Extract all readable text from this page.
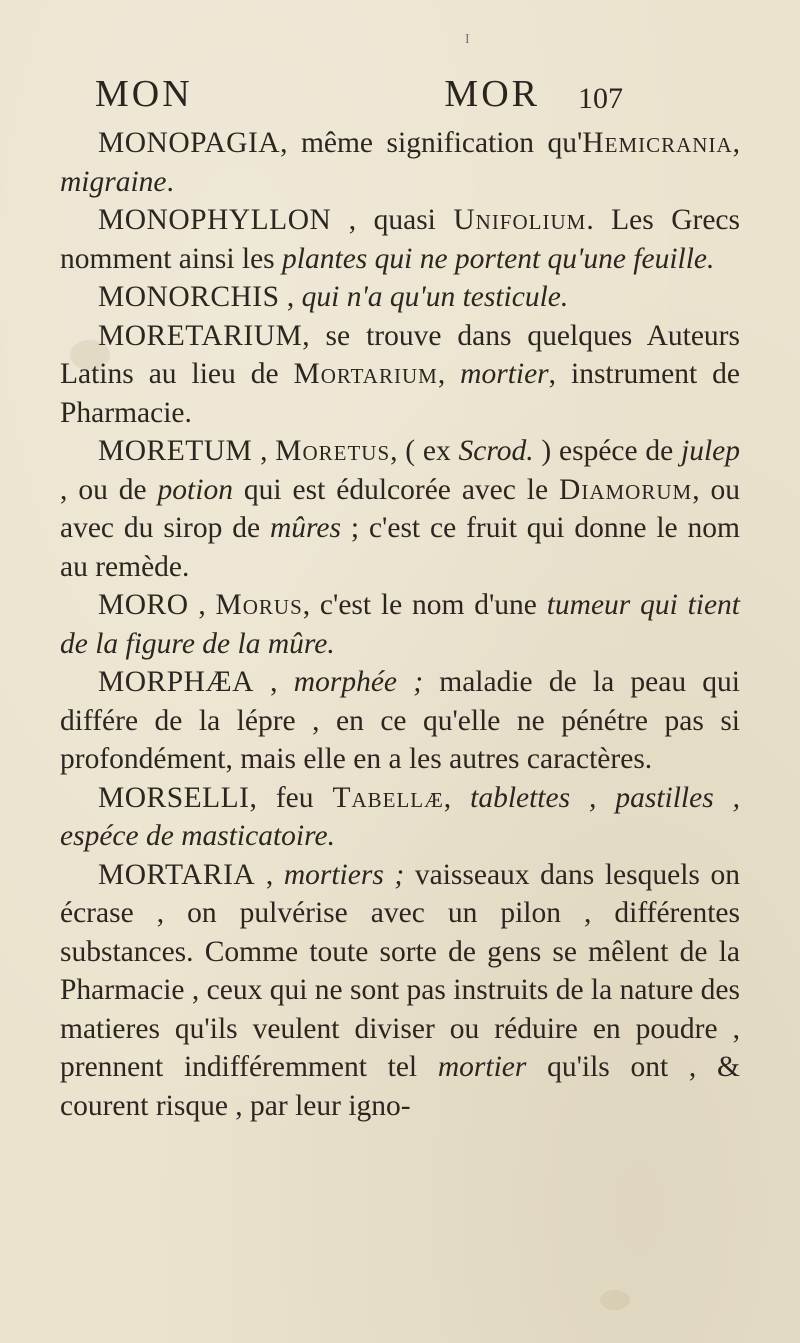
I
MON	MOR 107

MONOPAGIA, même signification qu'Hemicrania, migraine.

MONOPHYLLON , quasi Unifolium. Les Grecs nomment ainsi les plantes qui ne portent qu'une feuille.

MONORCHIS , qui n'a qu'un testicule.

MORETARIUM, se trouve dans quelques Auteurs Latins au lieu de Mortarium, mortier, instrument de Pharmacie.

MORETUM , Moretus, ( ex Scrod. ) espéce de julep , ou de potion qui est édulcorée avec le Diamorum, ou avec du sirop de mûres ; c'est ce fruit qui donne le nom au remède.

MORO , Morus, c'est le nom d'une tumeur qui tient de la figure de la mûre.

MORPHÆA , morphée ; maladie de la peau qui différe de la lépre , en ce qu'elle ne pénétre pas si profondément, mais elle en a les autres caractères.

MORSELLI, feu Tabellæ, tablettes , pastilles , espéce de masticatoire.

MORTARIA , mortiers ; vaisseaux dans lesquels on écrase , on pulvérise avec un pilon , différentes substances. Comme toute sorte de gens se mêlent de la Pharmacie , ceux qui ne sont pas instruits de la nature des matieres qu'ils veulent diviser ou réduire en poudre , prennent indifféremment tel mortier qu'ils ont , & courent risque , par leur igno-
